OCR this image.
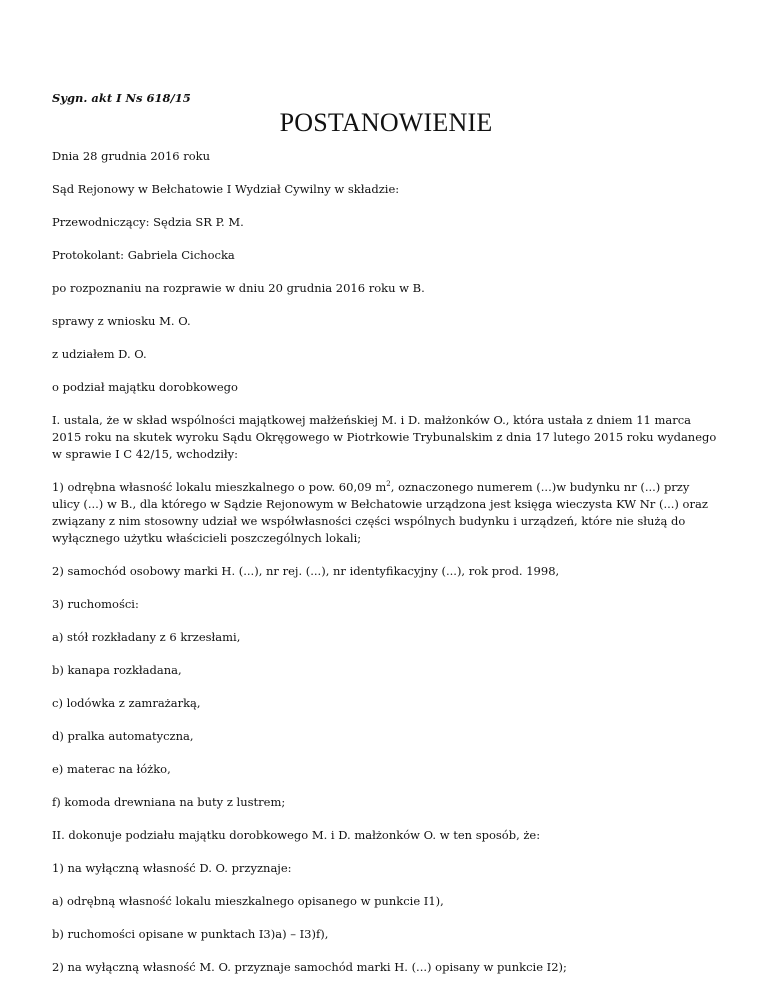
Sygn. akt I Ns 618/15
POSTANOWIENIE

Dnia 28 grudnia 2016 roku

Sąd Rejonowy w Bełchatowie I Wydział Cywilny w składzie:

Przewodniczący: Sędzia SR P. M.

Protokolant: Gabriela Cichocka

po rozpoznaniu na rozprawie w dniu 20 grudnia 2016 roku w B.

sprawy z wniosku M. O.

z udziałem D. O.

o podział majątku dorobkowego

I. ustala, że w skład wspólności majątkowej małżeńskiej M. i D. małżonków O., która ustała z dniem 11 marca 2015 roku na skutek wyroku Sądu Okręgowego w Piotrkowie Trybunalskim z dnia 17 lutego 2015 roku wydanego w sprawie I C 42/15, wchodziły:

1) odrębna własność lokalu mieszkalnego o pow. 60,09 $m^2$, oznaczonego numerem (...)w budynku nr (...) przy ulicy (...) w B., dla którego w Sądzie Rejonowym w Bełchatowie urządzona jest księga wieczysta KW Nr (...) oraz związany z nim stosowny udział we współwłasności części wspólnych budynku i urządzeń, które nie służą do wyłącznego użytku właścicieli poszczególnych lokali;

2) samochód osobowy marki H. (...), nr rej. (...), nr identyfikacyjny (...), rok prod. 1998,

3) ruchomości:

a) stół rozkładany z 6 krzesłami,

b) kanapa rozkładana,

c) lodówka z zamrażarką,

d) pralka automatyczna,

e) materac na łóżko,

f) komoda drewniana na buty z lustrem;

II. dokonuje podziału majątku dorobkowego M. i D. małżonków O. w ten sposób, że:

1) na wyłączną własność D. O. przyznaje:

a) odrębną własność lokalu mieszkalnego opisanego w punkcie I1),

b) ruchomości opisane w punktach I3)a) – I3)f),

2) na wyłączną własność M. O. przyznaje samochód marki H. (...) opisany w punkcie I2);
